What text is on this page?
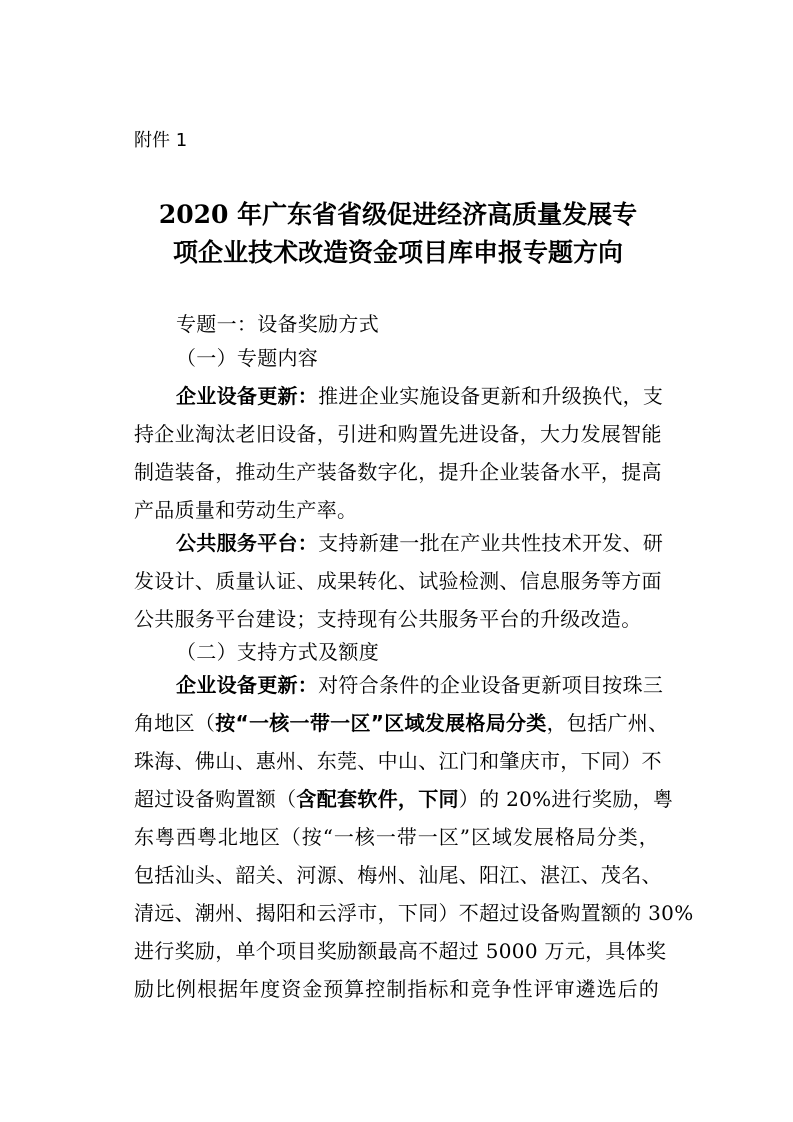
附件 1
2020 年广东省省级促进经济高质量发展专
项企业技术改造资金项目库申报专题方向
专题一：设备奖励方式
（一）专题内容
企业设备更新：推进企业实施设备更新和升级换代，支
持企业淘汰老旧设备，引进和购置先进设备，大力发展智能
制造装备，推动生产装备数字化，提升企业装备水平，提高
产品质量和劳动生产率。
公共服务平台：支持新建一批在产业共性技术开发、研
发设计、质量认证、成果转化、试验检测、信息服务等方面
公共服务平台建设；支持现有公共服务平台的升级改造。
（二）支持方式及额度
企业设备更新：对符合条件的企业设备更新项目按珠三
角地区（按“一核一带一区”区域发展格局分类，包括广州、
珠海、佛山、惠州、东莞、中山、江门和肇庆市，下同）不
超过设备购置额（含配套软件，下同）的 20%进行奖励，粤
东粤西粤北地区（按“一核一带一区”区域发展格局分类，
包括汕头、韶关、河源、梅州、汕尾、阳江、湛江、茂名、
清远、潮州、揭阳和云浮市，下同）不超过设备购置额的 30%
进行奖励，单个项目奖励额最高不超过 5000 万元，具体奖
励比例根据年度资金预算控制指标和竞争性评审遴选后的
